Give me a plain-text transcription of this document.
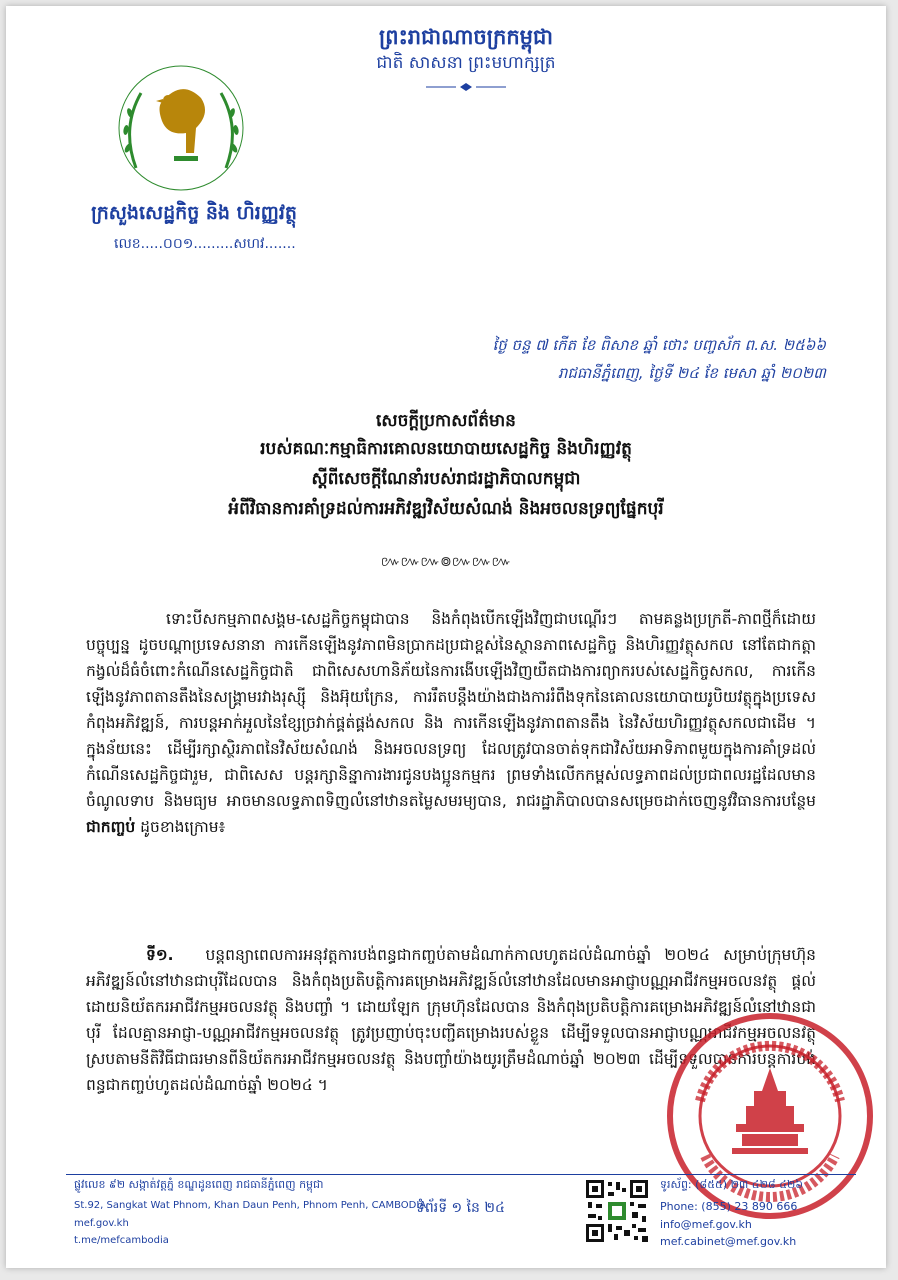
ក្រសួងសេដ្ឋកិច្ច និង ហិរញ្ញវត្ថុ
លេខ.....០០១.........សហវ.......
ព្រះរាជាណាចក្រកម្ពុជា
ជាតិ សាសនា ព្រះមហាក្សត្រ
ថ្ងៃ ចន្ទ ៧ កើត ខែ ពិសាខ ឆ្នាំ ថោះ បញ្ចស័ក ព.ស. ២៥៦៦
រាជធានីភ្នំពេញ, ថ្ងៃទី ២៤ ខែ មេសា ឆ្នាំ ២០២៣
សេចក្តីប្រកាសព័ត៌មាន
របស់គណៈកម្មាធិការគោលនយោបាយសេដ្ឋកិច្ច និងហិរញ្ញវត្ថុ
ស្តីពីសេចក្តីណែនាំរបស់រាជរដ្ឋាភិបាលកម្ពុជា
អំពីវិធានការគាំទ្រដល់ការអភិវឌ្ឍវិស័យសំណង់ និងអចលនទ្រព្យផ្នែកបុរី
៚៚៚៙៚៚៚
ទោះបីសកម្មភាពសង្គម-សេដ្ឋកិច្ចកម្ពុជាបាន និងកំពុងបើកឡើងវិញជាបណ្តើរៗ តាមគន្លងប្រក្រតី-ភាពថ្មីក៏ដោយ បច្ចុប្បន្ន ដូចបណ្តាប្រទេសនានា ការកើនឡើងនូវភាពមិនប្រាកដប្រជាខ្ពស់នៃស្ថានភាពសេដ្ឋកិច្ច និងហិរញ្ញវត្ថុសកល នៅតែជាកត្តាកង្វល់ដ៏ធំចំពោះកំណើនសេដ្ឋកិច្ចជាតិ ជាពិសេសហានិភ័យនៃការងើបឡើងវិញយឺតជាងការព្យាករបស់សេដ្ឋកិច្ចសកល, ការកើនឡើងនូវភាពតានតឹងនៃសង្គ្រាមរវាងរុស្ស៊ី និងអ៊ុយក្រែន, ការរឹតបន្តឹងយ៉ាងជាងការរំពឹងទុកនៃគោលនយោបាយរូបិយវត្ថុក្នុងប្រទេសកំពុងអភិវឌ្ឍន៍, ការបន្តអាក់អួលនៃខ្សែច្រវាក់ផ្គត់ផ្គង់សកល និង ការកើនឡើងនូវភាពតានតឹង នៃវិស័យហិរញ្ញវត្ថុសកលជាដើម ។ ក្នុងន័យនេះ ដើម្បីរក្សាស្ថិរភាពនៃវិស័យសំណង់ និងអចលនទ្រព្យ ដែលត្រូវបានចាត់ទុកជាវិស័យអាទិភាពមួយក្នុងការគាំទ្រដល់កំណើនសេដ្ឋកិច្ចជារួម, ជាពិសេស បន្តរក្សានិន្នាការងារជូនបងប្អូនកម្មករ ព្រមទាំងលើកកម្ពស់លទ្ធភាពដល់ប្រជាពលរដ្ឋដែលមានចំណូលទាប និងមធ្យម អាចមានលទ្ធភាពទិញលំនៅឋានតម្លៃសមរម្យបាន, រាជរដ្ឋាភិបាលបានសម្រេចដាក់ចេញនូវវិធានការបន្ថែម ជាកញ្ចប់ ដូចខាងក្រោម៖
ទី១. បន្តពន្យាពេលការអនុវត្តការបង់ពន្ធជាកញ្ចប់តាមដំណាក់កាលហូតដល់ដំណាច់ឆ្នាំ ២០២៤ សម្រាប់ក្រុមហ៊ុនអភិវឌ្ឍន៍លំនៅឋានជាបុរីដែលបាន និងកំពុងប្រតិបត្តិការគម្រោងអភិវឌ្ឍន៍លំនៅឋានដែលមានអាជ្ញាបណ្ណអាជីវកម្មអចលនវត្ថុ ផ្តល់ដោយនិយ័តករអាជីវកម្មអចលនវត្ថុ និងបញ្ចាំ ។ ដោយឡែក ក្រុមហ៊ុនដែលបាន និងកំពុងប្រតិបត្តិការគម្រោងអភិវឌ្ឍន៍លំនៅឋានជាបុរី ដែលគ្មានអាជ្ញា-បណ្ណអាជីវកម្មអចលនវត្ថុ ត្រូវប្រញាប់ចុះបញ្ជីគម្រោងរបស់ខ្លួន ដើម្បីទទួលបានអាជ្ញាបណ្ណអាជីវកម្មអចលនវត្ថុ ស្របតាមនីតិវិធីជាធរមានពីនិយ័តករអាជីវកម្មអចលនវត្ថុ និងបញ្ចាំយ៉ាងយូរត្រឹមដំណាច់ឆ្នាំ ២០២៣ ដើម្បីទទួលបានការបន្តការបង់ពន្ធជាកញ្ចប់ហូតដល់ដំណាច់ឆ្នាំ ២០២៤ ។
ផ្លូវលេខ ៩២ សង្កាត់វត្តភ្នំ ខណ្ឌដូនពេញ រាជធានីភ្នំពេញ កម្ពុជា
St.92, Sangkat Wat Phnom, Khan Daun Penh, Phnom Penh, CAMBODIA
mef.gov.kh
t.me/mefcambodia
ទំព័រទី ១ នៃ ២៤
ទូរស័ព្ទ: (៨៥៥) ២៣ ៤២៨ ៤២៦
Phone: (855) 23 890 666
info@mef.gov.kh
mef.cabinet@mef.gov.kh
